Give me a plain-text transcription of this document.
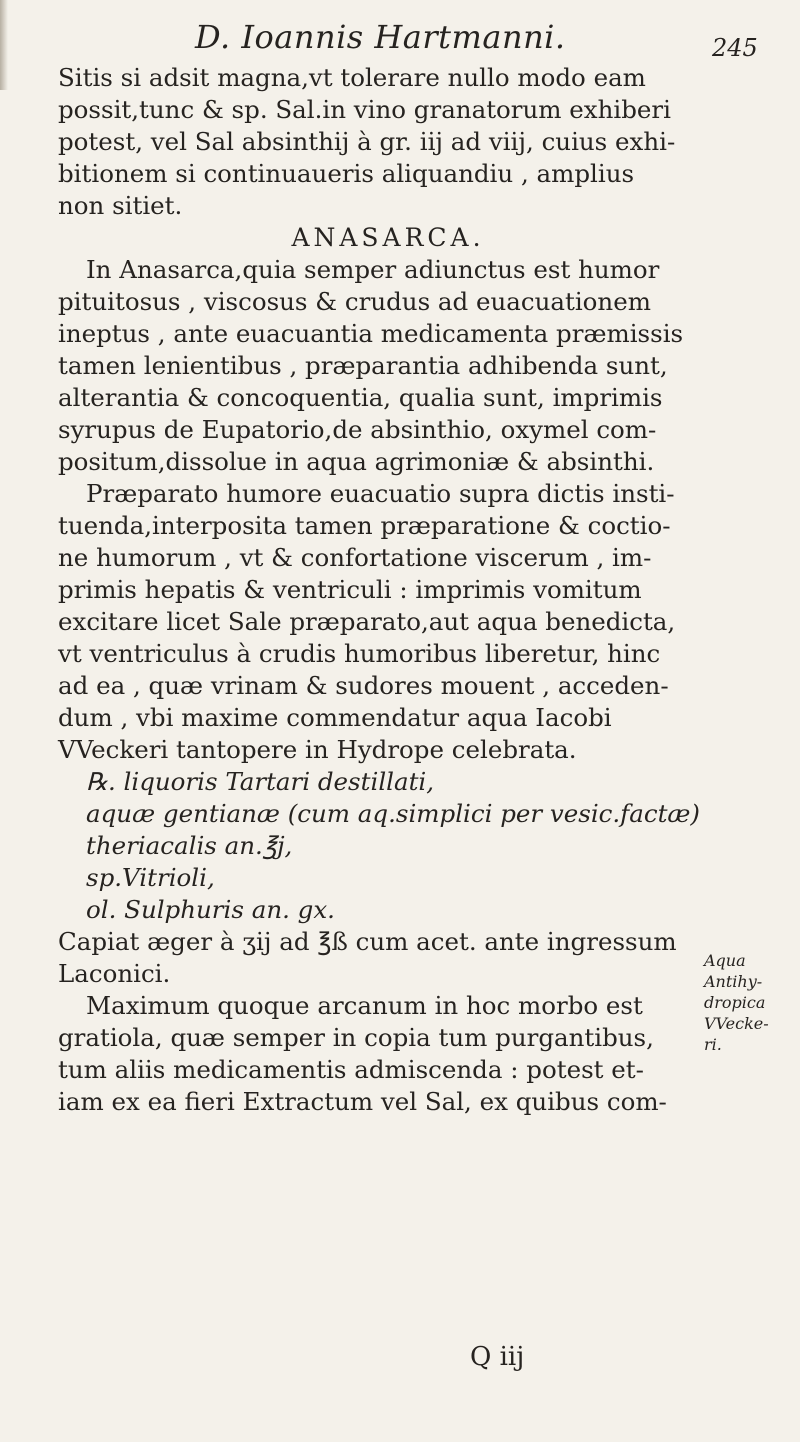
D. Ioannis Hartmanni.	245
Sitis si adsit magna,vt tolerare nullo modo eam
possit,tunc & sp. Sal.in vino granatorum exhiberi
potest, vel Sal absinthij à gr. iij ad viij, cuius exhi-
bitionem si continuaueris aliquandiu , amplius
non sitiet.
ANASARCA.
In Anasarca,quia semper adiunctus est humor
pituitosus , viscosus & crudus ad euacuationem
ineptus , ante euacuantia medicamenta præmissis
tamen lenientibus , præparantia adhibenda sunt,
alterantia & concoquentia, qualia sunt, imprimis
syrupus de Eupatorio,de absinthio, oxymel com-
positum,dissolue in aqua agrimoniæ & absinthi.
Præparato humore euacuatio supra dictis insti-
tuenda,interposita tamen præparatione & coctio-
ne humorum , vt & confortatione viscerum , im-
primis hepatis & ventriculi : imprimis vomitum
excitare licet Sale præparato,aut aqua benedicta,
vt ventriculus à crudis humoribus liberetur, hinc
ad ea , quæ vrinam & sudores mouent , acceden-
dum , vbi maxime commendatur aqua Iacobi
VVeckeri tantopere in Hydrope celebrata.
℞. liquoris Tartari destillati,
aquæ gentianæ (cum aq.simplici per vesic.factæ)
theriacalis an.℥j,
sp.Vitrioli,
ol. Sulphuris an. gx.
Capiat æger à ʒij ad ℥ß cum acet. ante ingressum
Laconici.
Maximum quoque arcanum in hoc morbo est
gratiola, quæ semper in copia tum purgantibus,
tum aliis medicamentis admiscenda : potest et-
iam ex ea fieri Extractum vel Sal, ex quibus com-
Aqua
Antihy-
dropica
VVecke-
ri.
Q iij
